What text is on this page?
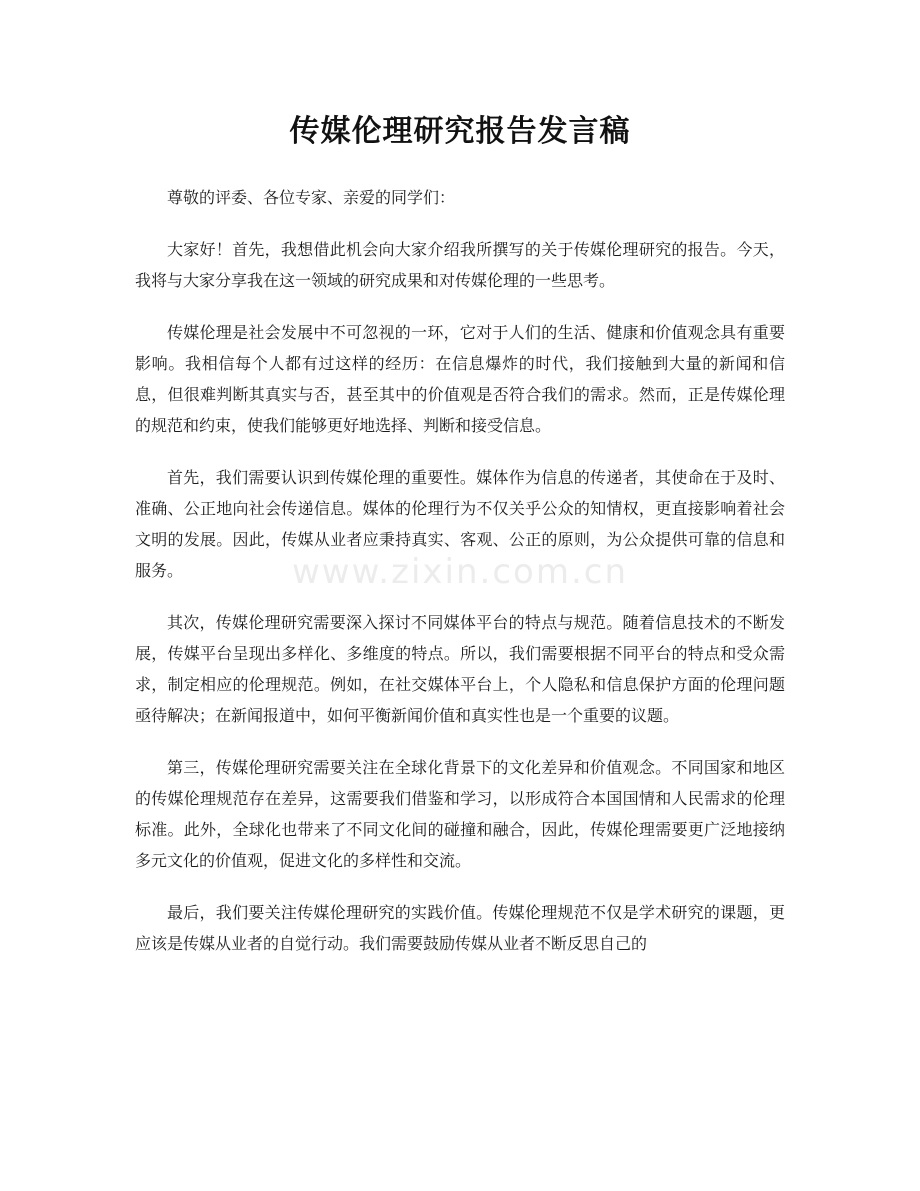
传媒伦理研究报告发言稿

尊敬的评委、各位专家、亲爱的同学们：

大家好！首先，我想借此机会向大家介绍我所撰写的关于传媒伦理研究的报告。今天，我将与大家分享我在这一领域的研究成果和对传媒伦理的一些思考。

传媒伦理是社会发展中不可忽视的一环，它对于人们的生活、健康和价值观念具有重要影响。我相信每个人都有过这样的经历：在信息爆炸的时代，我们接触到大量的新闻和信息，但很难判断其真实与否，甚至其中的价值观是否符合我们的需求。然而，正是传媒伦理的规范和约束，使我们能够更好地选择、判断和接受信息。

首先，我们需要认识到传媒伦理的重要性。媒体作为信息的传递者，其使命在于及时、准确、公正地向社会传递信息。媒体的伦理行为不仅关乎公众的知情权，更直接影响着社会文明的发展。因此，传媒从业者应秉持真实、客观、公正的原则，为公众提供可靠的信息和服务。

其次，传媒伦理研究需要深入探讨不同媒体平台的特点与规范。随着信息技术的不断发展，传媒平台呈现出多样化、多维度的特点。所以，我们需要根据不同平台的特点和受众需求，制定相应的伦理规范。例如，在社交媒体平台上，个人隐私和信息保护方面的伦理问题亟待解决；在新闻报道中，如何平衡新闻价值和真实性也是一个重要的议题。

第三，传媒伦理研究需要关注在全球化背景下的文化差异和价值观念。不同国家和地区的传媒伦理规范存在差异，这需要我们借鉴和学习，以形成符合本国国情和人民需求的伦理标准。此外，全球化也带来了不同文化间的碰撞和融合，因此，传媒伦理需要更广泛地接纳多元文化的价值观，促进文化的多样性和交流。

最后，我们要关注传媒伦理研究的实践价值。传媒伦理规范不仅是学术研究的课题，更应该是传媒从业者的自觉行动。我们需要鼓励传媒从业者不断反思自己的

www.zixin.com.cn
